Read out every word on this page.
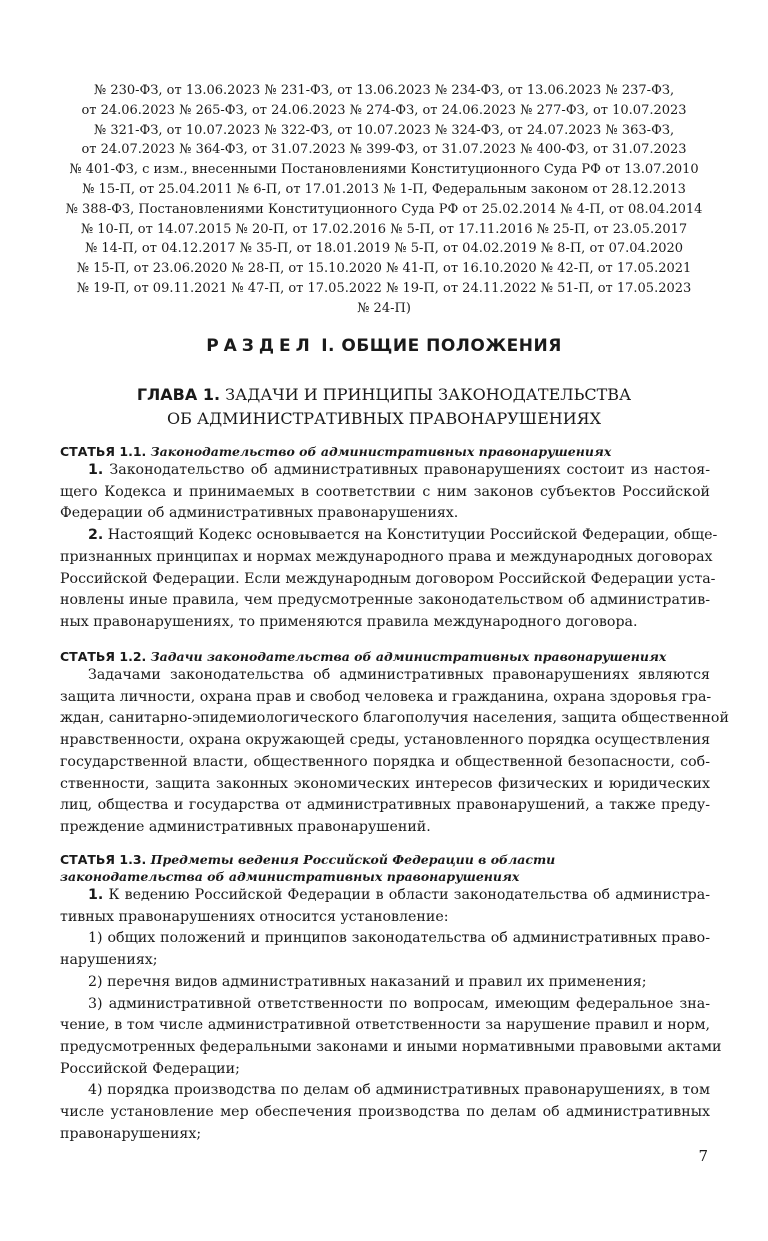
№ 230-ФЗ, от 13.06.2023 № 231-ФЗ, от 13.06.2023 № 234-ФЗ, от 13.06.2023 № 237-ФЗ,
от 24.06.2023 № 265-ФЗ, от 24.06.2023 № 274-ФЗ, от 24.06.2023 № 277-ФЗ, от 10.07.2023
№ 321-ФЗ, от 10.07.2023 № 322-ФЗ, от 10.07.2023 № 324-ФЗ, от 24.07.2023 № 363-ФЗ,
от 24.07.2023 № 364-ФЗ, от 31.07.2023 № 399-ФЗ, от 31.07.2023 № 400-ФЗ, от 31.07.2023
№ 401-ФЗ, с изм., внесенными Постановлениями Конституционного Суда РФ от 13.07.2010
№ 15-П, от 25.04.2011 № 6-П, от 17.01.2013 № 1-П, Федеральным законом от 28.12.2013
№ 388-ФЗ, Постановлениями Конституционного Суда РФ от 25.02.2014 № 4-П, от 08.04.2014
№ 10-П, от 14.07.2015 № 20-П, от 17.02.2016 № 5-П, от 17.11.2016 № 25-П, от 23.05.2017
№ 14-П, от 04.12.2017 № 35-П, от 18.01.2019 № 5-П, от 04.02.2019 № 8-П, от 07.04.2020
№ 15-П, от 23.06.2020 № 28-П, от 15.10.2020 № 41-П, от 16.10.2020 № 42-П, от 17.05.2021
№ 19-П, от 09.11.2021 № 47-П, от 17.05.2022 № 19-П, от 24.11.2022 № 51-П, от 17.05.2023
№ 24-П)
РАЗДЕЛ I. ОБЩИЕ ПОЛОЖЕНИЯ
ГЛАВА 1. ЗАДАЧИ И ПРИНЦИПЫ ЗАКОНОДАТЕЛЬСТВА
ОБ АДМИНИСТРАТИВНЫХ ПРАВОНАРУШЕНИЯХ
СТАТЬЯ 1.1. Законодательство об административных правонарушениях
1. Законодательство об административных правонарушениях состоит из настоя-
щего Кодекса и принимаемых в соответствии с ним законов субъектов Российской
Федерации об административных правонарушениях.
2. Настоящий Кодекс основывается на Конституции Российской Федерации, обще-
признанных принципах и нормах международного права и международных договорах
Российской Федерации. Если международным договором Российской Федерации уста-
новлены иные правила, чем предусмотренные законодательством об административ-
ных правонарушениях, то применяются правила международного договора.
СТАТЬЯ 1.2. Задачи законодательства об административных правонарушениях
Задачами законодательства об административных правонарушениях являются
защита личности, охрана прав и свобод человека и гражданина, охрана здоровья гра-
ждан, санитарно-эпидемиологического благополучия населения, защита общественной
нравственности, охрана окружающей среды, установленного порядка осуществления
государственной власти, общественного порядка и общественной безопасности, соб-
ственности, защита законных экономических интересов физических и юридических
лиц, общества и государства от административных правонарушений, а также преду-
преждение административных правонарушений.
СТАТЬЯ 1.3. Предметы ведения Российской Федерации в области
законодательства об административных правонарушениях
1. К ведению Российской Федерации в области законодательства об администра-
тивных правонарушениях относится установление:
1) общих положений и принципов законодательства об административных право-
нарушениях;
2) перечня видов административных наказаний и правил их применения;
3) административной ответственности по вопросам, имеющим федеральное зна-
чение, в том числе административной ответственности за нарушение правил и норм,
предусмотренных федеральными законами и иными нормативными правовыми актами
Российской Федерации;
4) порядка производства по делам об административных правонарушениях, в том
числе установление мер обеспечения производства по делам об административных
правонарушениях;
7
